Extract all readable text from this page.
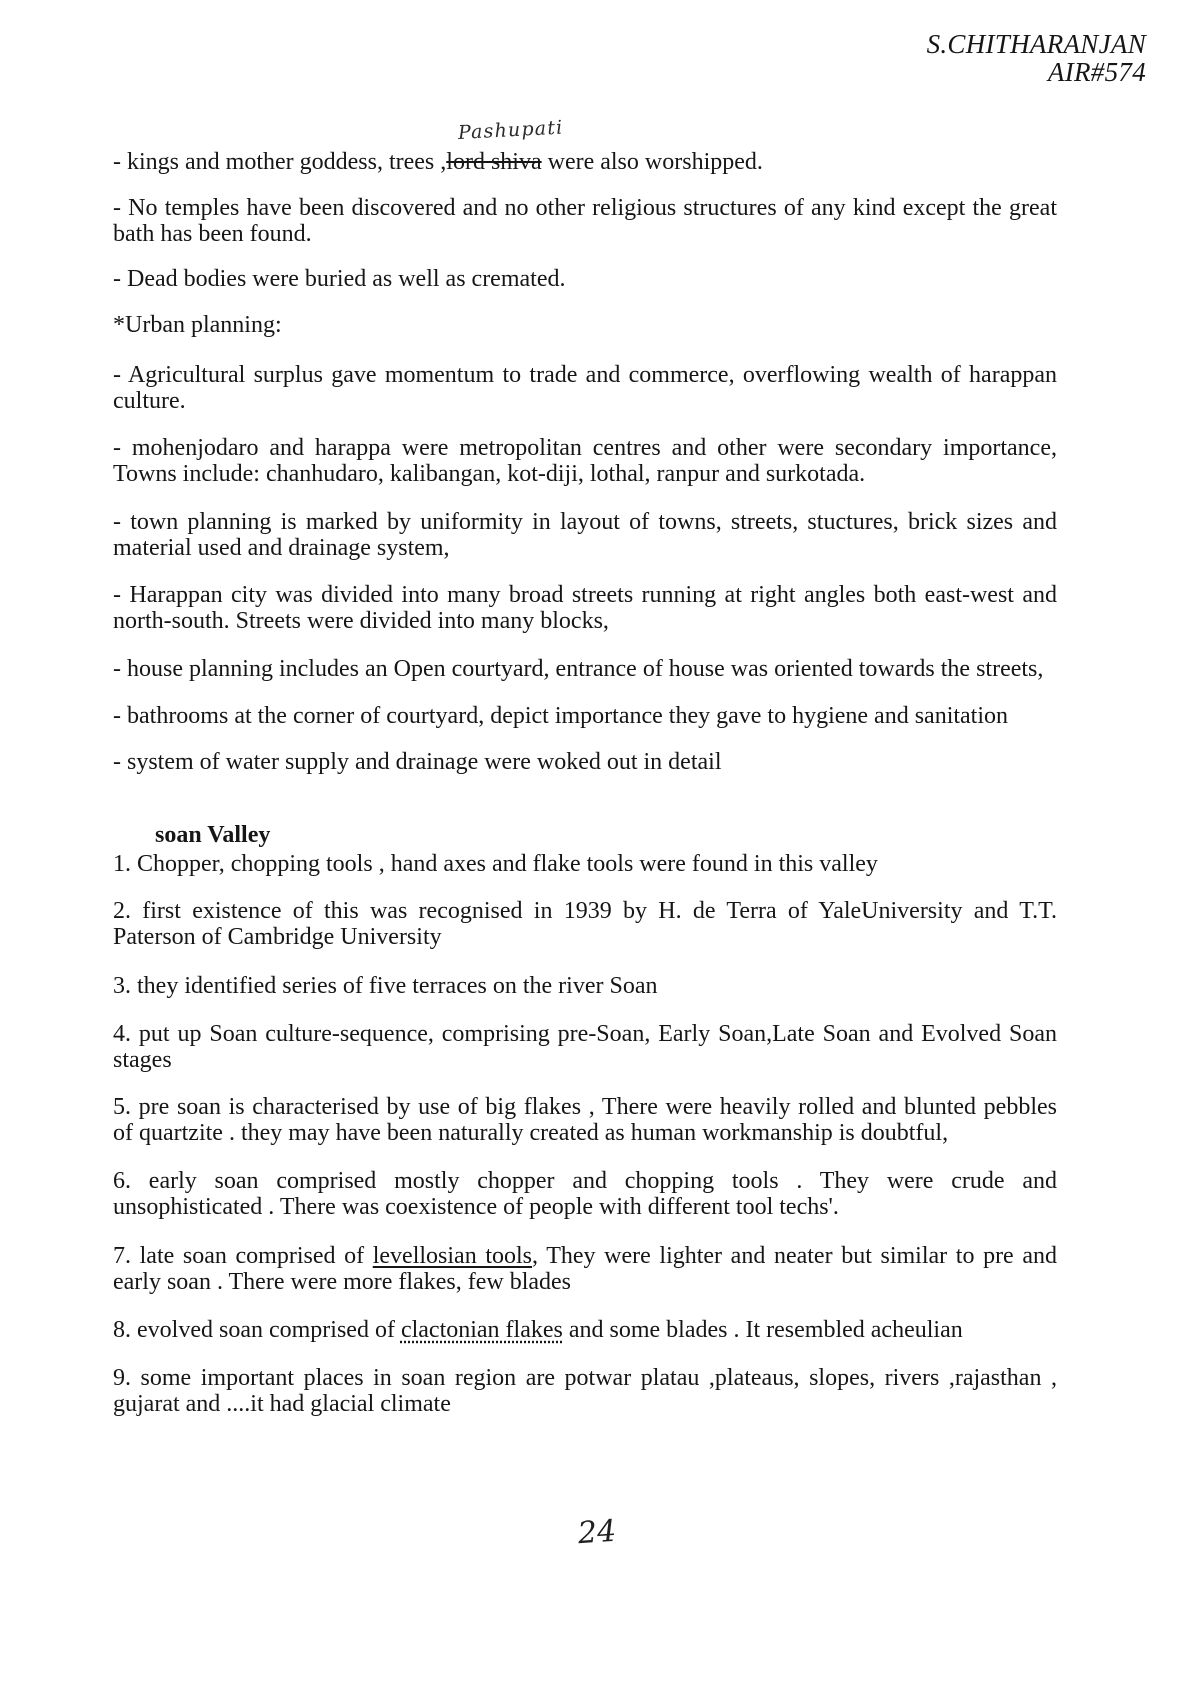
S.CHITHARANJAN
AIR#574
Pashupati
- kings and mother goddess, trees ,lord shiva were also worshipped.
- No temples have been discovered and no other religious structures of any kind except the great
bath has been found.
- Dead bodies were buried as well as cremated.
*Urban planning:
- Agricultural surplus gave momentum to trade and commerce, overflowing wealth of harappan
culture.
- mohenjodaro and harappa were metropolitan centres and other were secondary importance,
Towns include: chanhudaro, kalibangan, kot-diji, lothal, ranpur and surkotada.
- town planning is marked by uniformity in layout of towns, streets, stuctures, brick sizes and
material used and drainage system,
- Harappan city was divided into many broad streets running at right angles both east-west and
north-south. Streets were divided into many blocks,
- house planning includes an Open courtyard, entrance of house was oriented towards the streets,
- bathrooms at the corner of courtyard, depict importance they gave to hygiene and sanitation
- system of water supply and drainage were woked out in detail
soan Valley
1. Chopper, chopping tools , hand axes and flake tools were found in this valley
2. first existence of this was recognised in 1939 by H. de Terra of YaleUniversity and T.T.
Paterson of Cambridge University
3. they identified series of five terraces on the river Soan
4. put up Soan culture-sequence, comprising pre-Soan, Early Soan,Late Soan and Evolved Soan
stages
5. pre soan is characterised by use of big flakes , There were heavily rolled and blunted pebbles
of quartzite . they may have been naturally created as human workmanship is doubtful,
6. early soan comprised mostly chopper and chopping tools . They were crude and
unsophisticated . There was coexistence of people with different tool techs'.
7. late soan comprised of levellosian tools, They were lighter and neater but similar to pre and
early soan . There were more flakes, few blades
8. evolved soan comprised of clactonian flakes and some blades . It resembled acheulian
9. some important places in soan region are potwar platau ,plateaus, slopes, rivers ,rajasthan ,
gujarat and ....it had glacial climate
24
